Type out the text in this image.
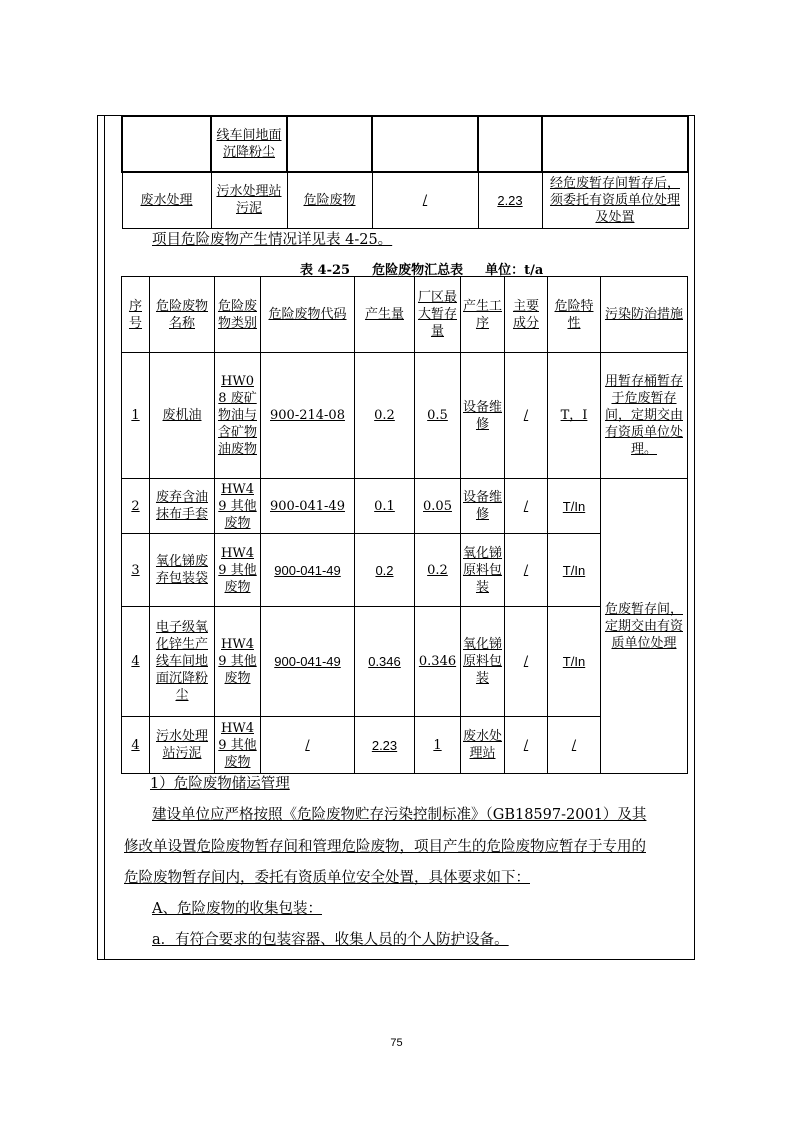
	线车间地面沉降粉尘				
废水处理	污水处理站污泥	危险废物	/	2.23	经危废暂存间暂存后，须委托有资质单位处理及处置
项目危险废物产生情况详见表 4-25。
表 4-25 危险废物汇总表 单位：t/a
序号	危险废物名称	危险废物类别	危险废物代码	产生量	厂区最大暂存量	产生工序	主要成分	危险特性	污染防治措施	
1	废机油	HW08 废矿物油与含矿物油废物	900-214-08	0.2	0.5	设备维修	/	T，I	用暂存桶暂存于危废暂存间，定期交由有资质单位处理。	
2	废弃含油抹布手套	HW49 其他废物	900-041-49	0.1	0.05	设备维修	/	T/In	危废暂存间，定期交由有资质单位处理	
3	氧化锑废弃包装袋	HW49 其他废物	900-041-49	0.2	0.2	氧化锑原料包装	/	T/In		
4	电子级氧化锌生产线车间地面沉降粉尘	HW49 其他废物	900-041-49	0.346	0.346	氧化锑原料包装	/	T/In		
4	污水处理站污泥	HW49 其他废物	/	2.23	1	废水处理站	/	/		
1）危险废物储运管理
建设单位应严格按照《危险废物贮存污染控制标准》（GB18597-2001）及其
修改单设置危险废物暂存间和管理危险废物，项目产生的危险废物应暂存于专用的
危险废物暂存间内，委托有资质单位安全处置，具体要求如下：
A、危险废物的收集包装：
a．有符合要求的包装容器、收集人员的个人防护设备。
75
